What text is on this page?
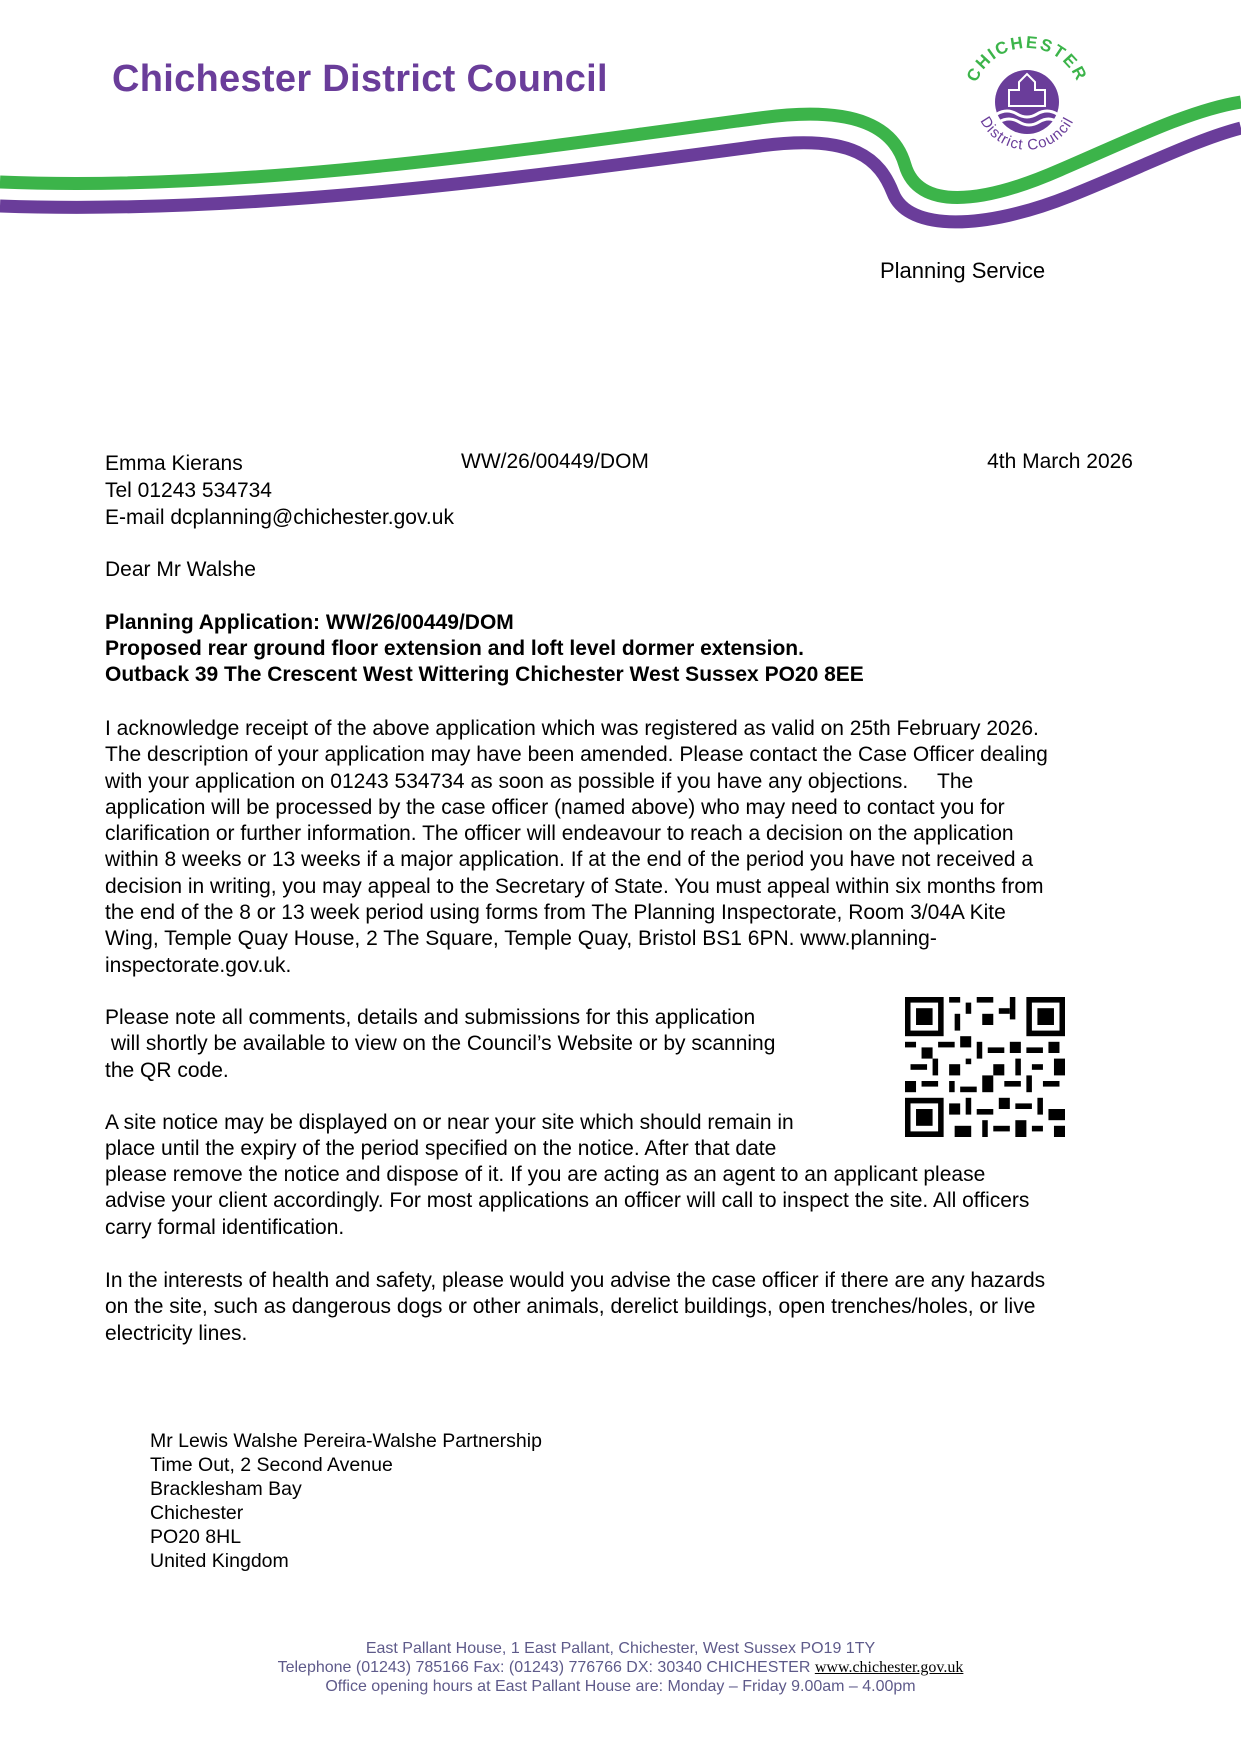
Chichester District Council	CHICHESTER
District Council
Planning Service
Emma Kierans
Tel 01243 534734
E-mail dcplanning@chichester.gov.uk
WW/26/00449/DOM	4th March 2026
Dear Mr Walshe
Planning Application: WW/26/00449/DOM
Proposed rear ground floor extension and loft level dormer extension.
Outback 39 The Crescent West Wittering Chichester West Sussex PO20 8EE
I acknowledge receipt of the above application which was registered as valid on 25th February 2026.
The description of your application may have been amended. Please contact the Case Officer dealing
with your application on 01243 534734 as soon as possible if you have any objections.     The
application will be processed by the case officer (named above) who may need to contact you for
clarification or further information. The officer will endeavour to reach a decision on the application
within 8 weeks or 13 weeks if a major application. If at the end of the period you have not received a
decision in writing, you may appeal to the Secretary of State. You must appeal within six months from
the end of the 8 or 13 week period using forms from The Planning Inspectorate, Room 3/04A Kite
Wing, Temple Quay House, 2 The Square, Temple Quay, Bristol BS1 6PN. www.planning-
inspectorate.gov.uk.
Please note all comments, details and submissions for this application
will shortly be available to view on the Council’s Website or by scanning
the QR code.
A site notice may be displayed on or near your site which should remain in
place until the expiry of the period specified on the notice. After that date
please remove the notice and dispose of it. If you are acting as an agent to an applicant please
advise your client accordingly. For most applications an officer will call to inspect the site. All officers
carry formal identification.
In the interests of health and safety, please would you advise the case officer if there are any hazards
on the site, such as dangerous dogs or other animals, derelict buildings, open trenches/holes, or live
electricity lines.
Mr Lewis Walshe Pereira-Walshe Partnership
Time Out, 2 Second Avenue
Bracklesham Bay
Chichester
PO20 8HL
United Kingdom
East Pallant House, 1 East Pallant, Chichester, West Sussex PO19 1TY
Telephone (01243) 785166 Fax: (01243) 776766 DX: 30340 CHICHESTER www.chichester.gov.uk
Office opening hours at East Pallant House are: Monday – Friday 9.00am – 4.00pm
